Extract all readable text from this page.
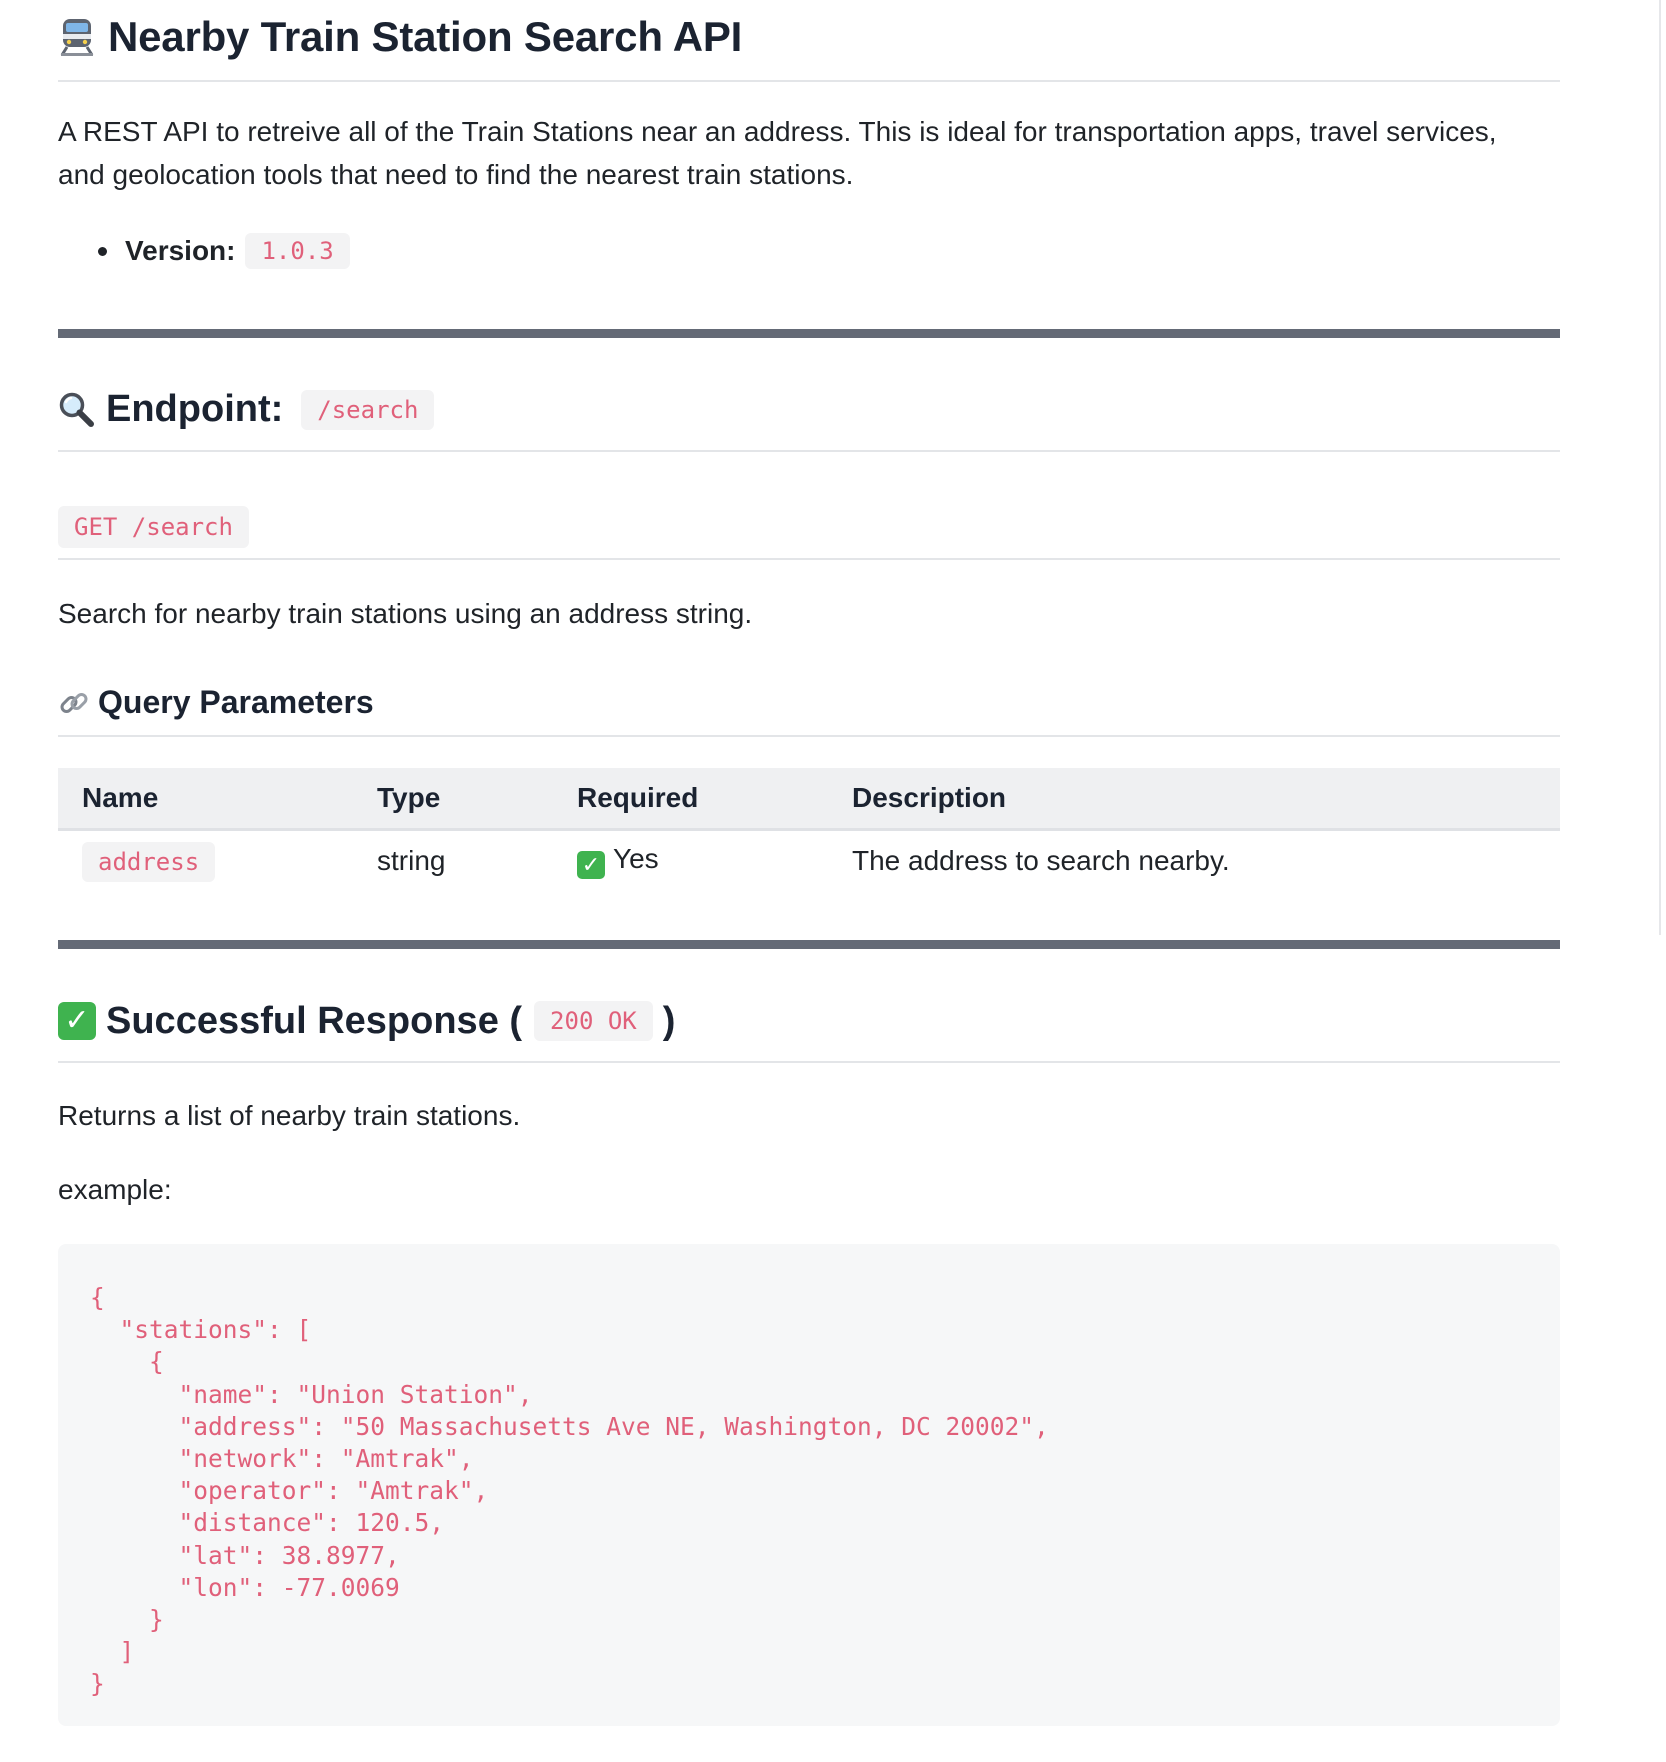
Nearby Train Station Search API

A REST API to retreive all of the Train Stations near an address. This is ideal for transportation apps, travel services, and geolocation tools that need to find the nearest train stations.

Version:	1.0.3
Endpoint:	/search
GET /search

Search for nearby train stations using an address string.

Query Parameters
Name	Type	Required	Description
address	string	✓ Yes	The address to search nearby.
✓ Successful Response (	200 OK )

Returns a list of nearby train stations.

example:

{
"stations": [
{
"name": "Union Station",
"address": "50 Massachusetts Ave NE, Washington, DC 20002",
"network": "Amtrak",
"operator": "Amtrak",
"distance": 120.5,
"lat": 38.8977,
"lon": -77.0069
}
]
}
